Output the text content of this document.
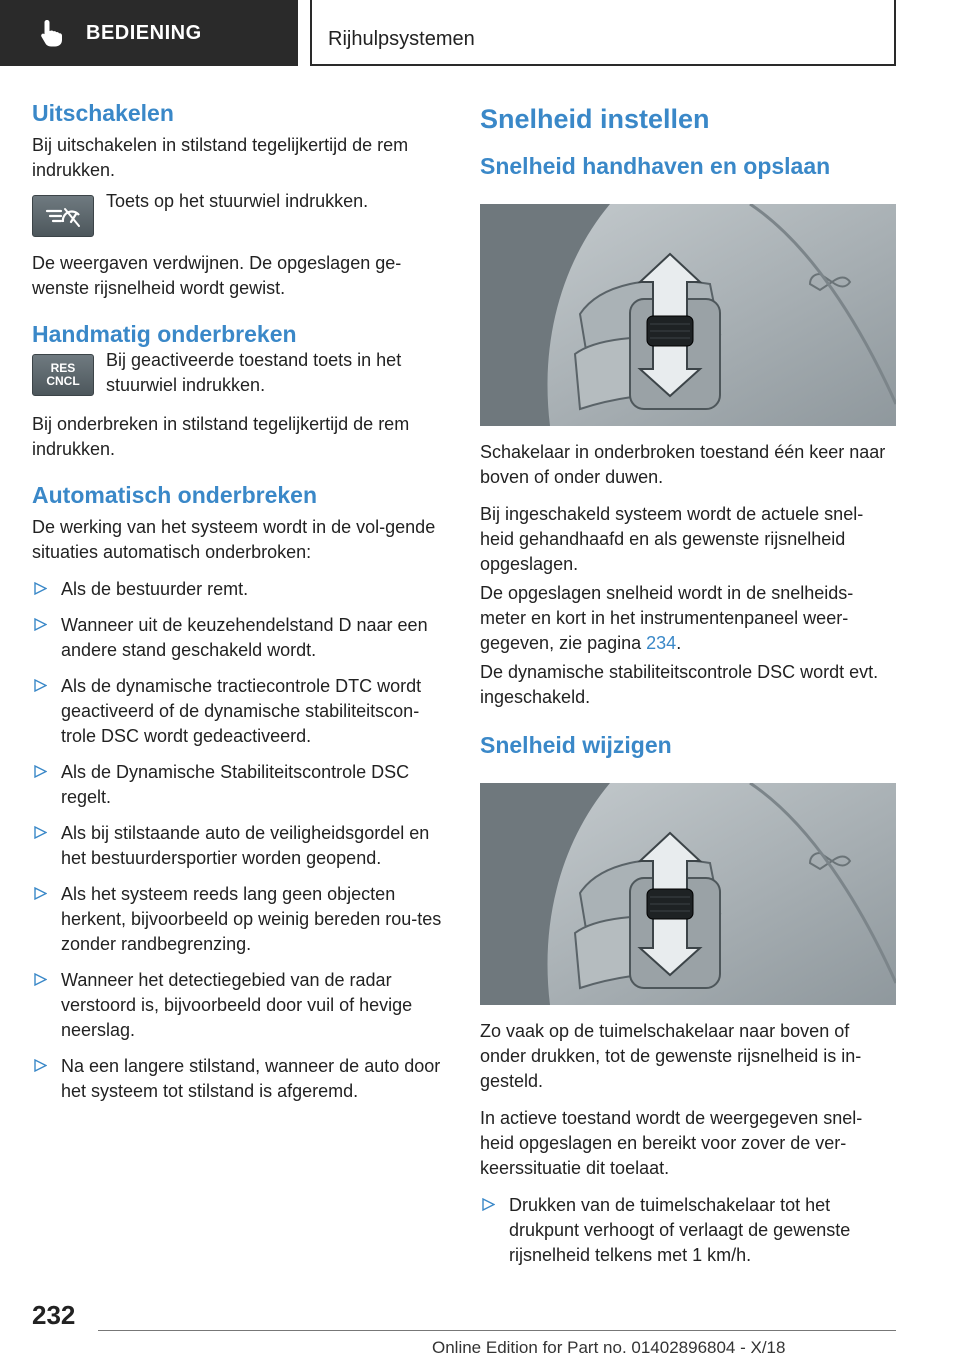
BEDIENING	Rijhulpsystemen
Uitschakelen

Bij uitschakelen in stilstand tegelijkertijd de rem indrukken.

Toets op het stuurwiel indrukken.

De weergaven verdwijnen. De opgeslagen ge-wenste rijsnelheid wordt gewist.

Handmatig onderbreken
RES
CNCL
Bij geactiveerde toestand toets in het stuurwiel indrukken.

Bij onderbreken in stilstand tegelijkertijd de rem indrukken.

Automatisch onderbreken

De werking van het systeem wordt in de vol-gende situaties automatisch onderbroken:

Als de bestuurder remt.
Wanneer uit de keuzehendelstand D naar een andere stand geschakeld wordt.
Als de dynamische tractiecontrole DTC wordt geactiveerd of de dynamische stabiliteitscon-trole DSC wordt gedeactiveerd.
Als de Dynamische Stabiliteitscontrole DSC regelt.
Als bij stilstaande auto de veiligheidsgordel en het bestuurdersportier worden geopend.
Als het systeem reeds lang geen objecten herkent, bijvoorbeeld op weinig bereden rou-tes zonder randbegrenzing.
Wanneer het detectiegebied van de radar verstoord is, bijvoorbeeld door vuil of hevige neerslag.
Na een langere stilstand, wanneer de auto door het systeem tot stilstand is afgeremd.
Snelheid instellen
Snelheid handhaven en opslaan

Schakelaar in onderbroken toestand één keer naar boven of onder duwen.

Bij ingeschakeld systeem wordt de actuele snel-heid gehandhaafd en als gewenste rijsnelheid opgeslagen.

De opgeslagen snelheid wordt in de snelheids-meter en kort in het instrumentenpaneel weer-gegeven, zie pagina 234.

De dynamische stabiliteitscontrole DSC wordt evt. ingeschakeld.

Snelheid wijzigen

Zo vaak op de tuimelschakelaar naar boven of onder drukken, tot de gewenste rijsnelheid is in-gesteld.

In actieve toestand wordt de weergegeven snel-heid opgeslagen en bereikt voor zover de ver-keerssituatie dit toelaat.

Drukken van de tuimelschakelaar tot het drukpunt verhoogt of verlaagt de gewenste rijsnelheid telkens met 1 km/h.
232
Online Edition for Part no. 01402896804 - X/18
